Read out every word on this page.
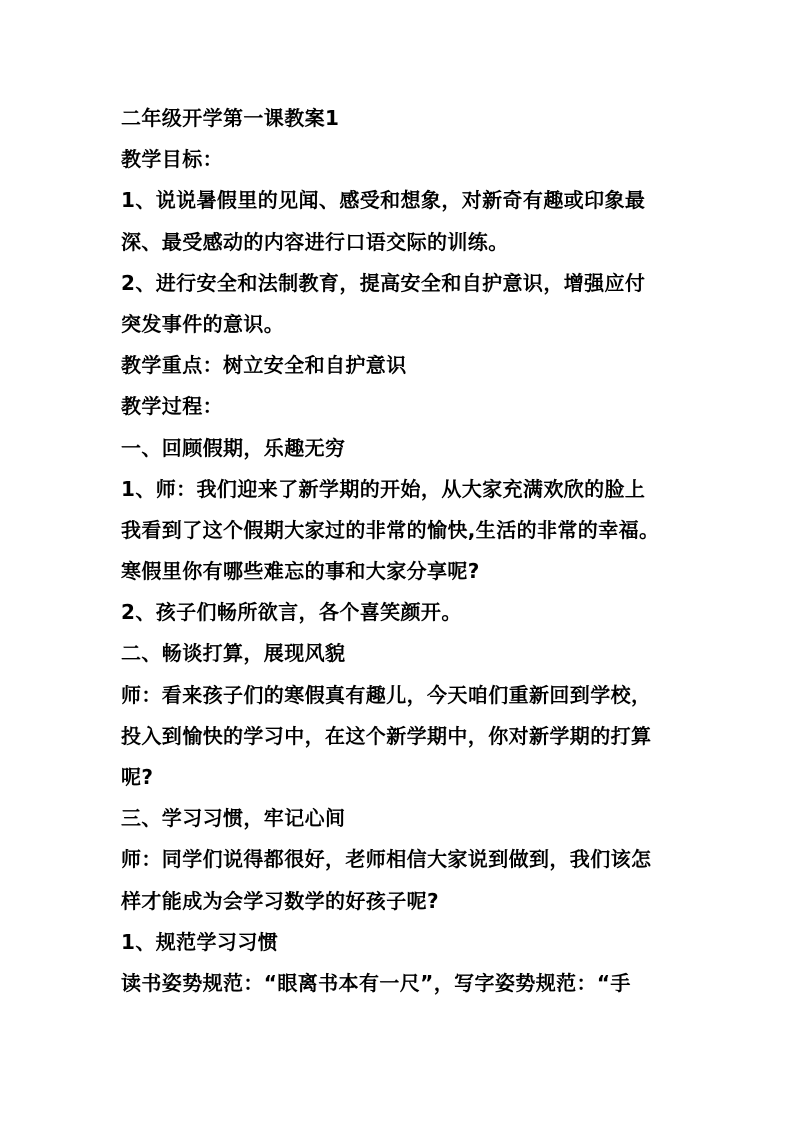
二年级开学第一课教案1

教学目标：

1、说说暑假里的见闻、感受和想象，对新奇有趣或印象最

深、最受感动的内容进行口语交际的训练。

2、进行安全和法制教育，提高安全和自护意识，增强应付

突发事件的意识。

教学重点：树立安全和自护意识

教学过程：

一、回顾假期，乐趣无穷

1、师：我们迎来了新学期的开始，从大家充满欢欣的脸上

我看到了这个假期大家过的非常的愉快,生活的非常的幸福。

寒假里你有哪些难忘的事和大家分享呢?

2、孩子们畅所欲言，各个喜笑颜开。

二、畅谈打算，展现风貌

师：看来孩子们的寒假真有趣儿，今天咱们重新回到学校，

投入到愉快的学习中，在这个新学期中，你对新学期的打算

呢?

三、学习习惯，牢记心间

师：同学们说得都很好，老师相信大家说到做到，我们该怎

样才能成为会学习数学的好孩子呢?

1、规范学习习惯

读书姿势规范：“眼离书本有一尺”，写字姿势规范：“手
